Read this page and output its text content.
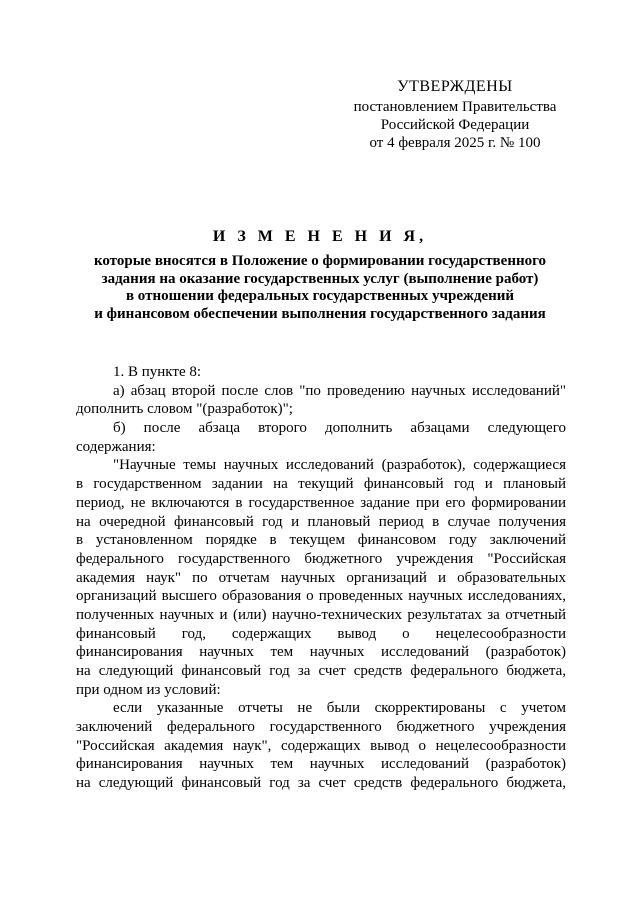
УТВЕРЖДЕНЫ
постановлением Правительства
Российской Федерации
от 4 февраля 2025 г. № 100
И З М Е Н Е Н И Я,
которые вносятся в Положение о формировании государственного
задания на оказание государственных услуг (выполнение работ)
в отношении федеральных государственных учреждений
и финансовом обеспечении выполнения государственного задания
1. В пункте 8:
а) абзац второй после слов "по проведению научных исследований"
дополнить словом "(разработок)";
б) после абзаца второго дополнить абзацами следующего
содержания:
"Научные темы научных исследований (разработок), содержащиеся
в государственном задании на текущий финансовый год и плановый
период, не включаются в государственное задание при его формировании
на очередной финансовый год и плановый период в случае получения
в установленном порядке в текущем финансовом году заключений
федерального государственного бюджетного учреждения "Российская
академия наук" по отчетам научных организаций и образовательных
организаций высшего образования о проведенных научных исследованиях,
полученных научных и (или) научно-технических результатах за отчетный
финансовый год, содержащих вывод о нецелесообразности
финансирования научных тем научных исследований (разработок)
на следующий финансовый год за счет средств федерального бюджета,
при одном из условий:
если указанные отчеты не были скорректированы с учетом
заключений федерального государственного бюджетного учреждения
"Российская академия наук", содержащих вывод о нецелесообразности
финансирования научных тем научных исследований (разработок)
на следующий финансовый год за счет средств федерального бюджета,
